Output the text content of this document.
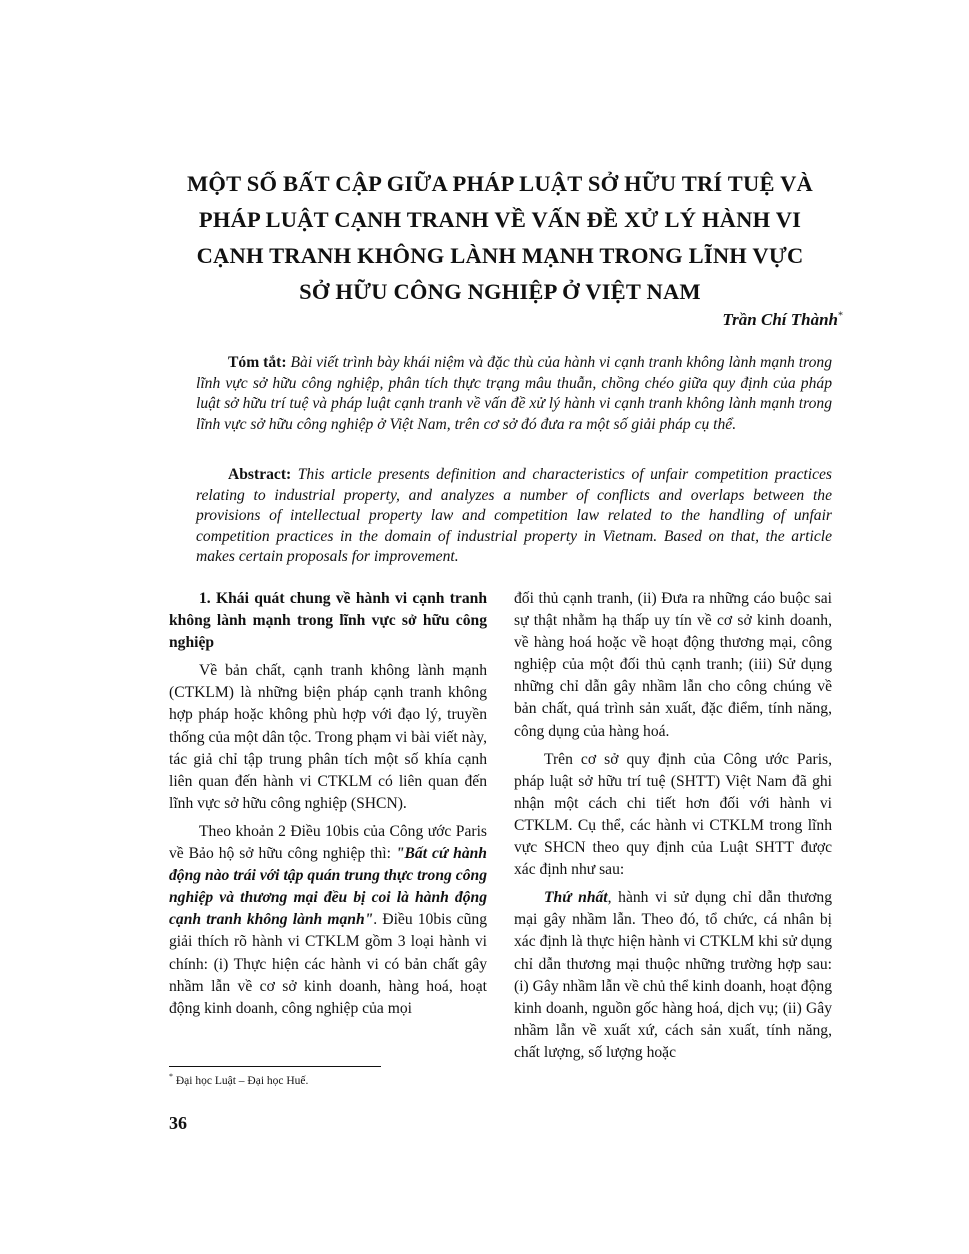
MỘT SỐ BẤT CẬP GIỮA PHÁP LUẬT SỞ HỮU TRÍ TUỆ VÀ
PHÁP LUẬT CẠNH TRANH VỀ VẤN ĐỀ XỬ LÝ HÀNH VI
CẠNH TRANH KHÔNG LÀNH MẠNH TRONG LĨNH VỰC
SỞ HỮU CÔNG NGHIỆP Ở VIỆT NAM
Trần Chí Thành*
Tóm tắt: Bài viết trình bày khái niệm và đặc thù của hành vi cạnh tranh không lành mạnh trong lĩnh vực sở hữu công nghiệp, phân tích thực trạng mâu thuẫn, chồng chéo giữa quy định của pháp luật sở hữu trí tuệ và pháp luật cạnh tranh về vấn đề xử lý hành vi cạnh tranh không lành mạnh trong lĩnh vực sở hữu công nghiệp ở Việt Nam, trên cơ sở đó đưa ra một số giải pháp cụ thể.
Abstract: This article presents definition and characteristics of unfair competition practices relating to industrial property, and analyzes a number of conflicts and overlaps between the provisions of intellectual property law and competition law related to the handling of unfair competition practices in the domain of industrial property in Vietnam. Based on that, the article makes certain proposals for improvement.

1. Khái quát chung về hành vi cạnh tranh không lành mạnh trong lĩnh vực sở hữu công nghiệp

Về bản chất, cạnh tranh không lành mạnh (CTKLM) là những biện pháp cạnh tranh không hợp pháp hoặc không phù hợp với đạo lý, truyền thống của một dân tộc. Trong phạm vi bài viết này, tác giả chỉ tập trung phân tích một số khía cạnh liên quan đến hành vi CTKLM có liên quan đến lĩnh vực sở hữu công nghiệp (SHCN).

Theo khoản 2 Điều 10bis của Công ước Paris về Bảo hộ sở hữu công nghiệp thì: "Bất cứ hành động nào trái với tập quán trung thực trong công nghiệp và thương mại đều bị coi là hành động cạnh tranh không lành mạnh". Điều 10bis cũng giải thích rõ hành vi CTKLM gồm 3 loại hành vi chính: (i) Thực hiện các hành vi có bản chất gây nhầm lẫn về cơ sở kinh doanh, hàng hoá, hoạt động kinh doanh, công nghiệp của mọi

đối thủ cạnh tranh, (ii) Đưa ra những cáo buộc sai sự thật nhằm hạ thấp uy tín về cơ sở kinh doanh, về hàng hoá hoặc về hoạt động thương mại, công nghiệp của một đối thủ cạnh tranh; (iii) Sử dụng những chỉ dẫn gây nhầm lẫn cho công chúng về bản chất, quá trình sản xuất, đặc điểm, tính năng, công dụng của hàng hoá.

Trên cơ sở quy định của Công ước Paris, pháp luật sở hữu trí tuệ (SHTT) Việt Nam đã ghi nhận một cách chi tiết hơn đối với hành vi CTKLM. Cụ thể, các hành vi CTKLM trong lĩnh vực SHCN theo quy định của Luật SHTT được xác định như sau:

Thứ nhất, hành vi sử dụng chỉ dẫn thương mại gây nhầm lẫn. Theo đó, tổ chức, cá nhân bị xác định là thực hiện hành vi CTKLM khi sử dụng chỉ dẫn thương mại thuộc những trường hợp sau: (i) Gây nhầm lẫn về chủ thể kinh doanh, hoạt động kinh doanh, nguồn gốc hàng hoá, dịch vụ; (ii) Gây nhầm lẫn về xuất xứ, cách sản xuất, tính năng, chất lượng, số lượng hoặc

* Đại học Luật – Đại học Huế.
36
